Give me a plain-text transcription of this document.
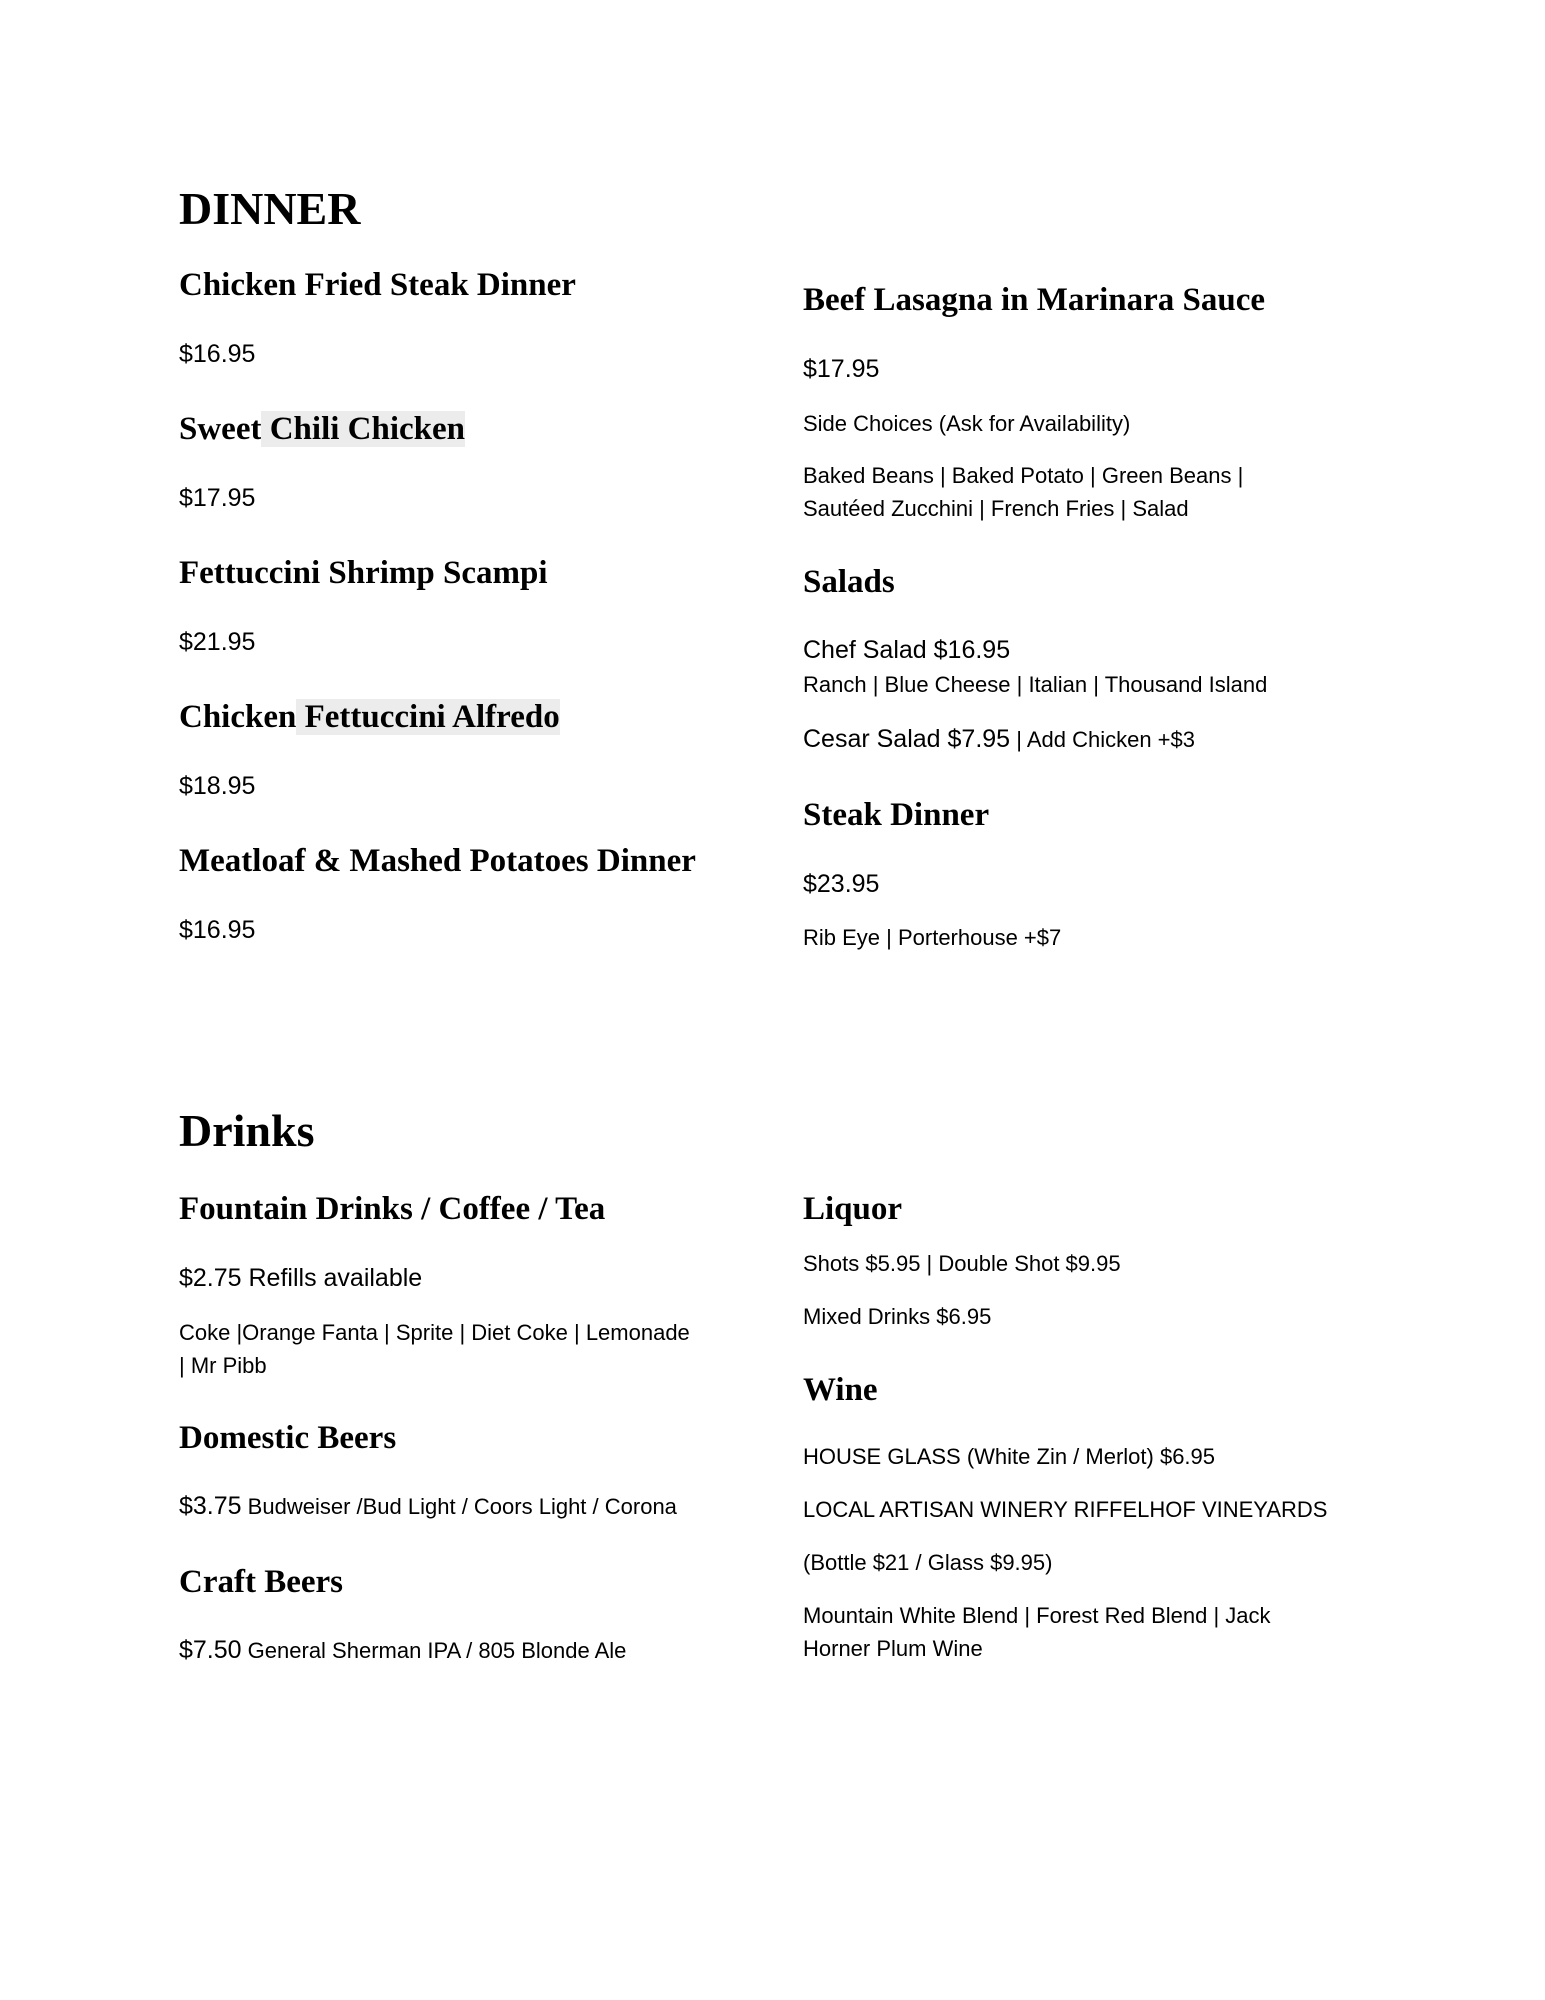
DINNER
Chicken Fried Steak Dinner
$16.95
Sweet Chili Chicken
$17.95
Fettuccini Shrimp Scampi
$21.95
Chicken Fettuccini Alfredo
$18.95
Meatloaf & Mashed Potatoes Dinner
$16.95
Beef Lasagna in Marinara Sauce
$17.95
Side Choices (Ask for Availability)
Baked Beans | Baked Potato | Green Beans |
Sautéed Zucchini | French Fries | Salad
Salads
Chef Salad $16.95
Ranch | Blue Cheese | Italian | Thousand Island
Cesar Salad $7.95 | Add Chicken +$3
Steak Dinner
$23.95
Rib Eye | Porterhouse +$7
Drinks
Fountain Drinks / Coffee / Tea
$2.75 Refills available
Coke |Orange Fanta | Sprite | Diet Coke | Lemonade
| Mr Pibb
Domestic Beers
$3.75 Budweiser /Bud Light / Coors Light / Corona
Craft Beers
$7.50 General Sherman IPA / 805 Blonde Ale
Liquor
Shots $5.95 | Double Shot $9.95
Mixed Drinks $6.95
Wine
HOUSE GLASS (White Zin / Merlot) $6.95
LOCAL ARTISAN WINERY RIFFELHOF VINEYARDS
(Bottle $21 / Glass $9.95)
Mountain White Blend | Forest Red Blend | Jack
Horner Plum Wine
